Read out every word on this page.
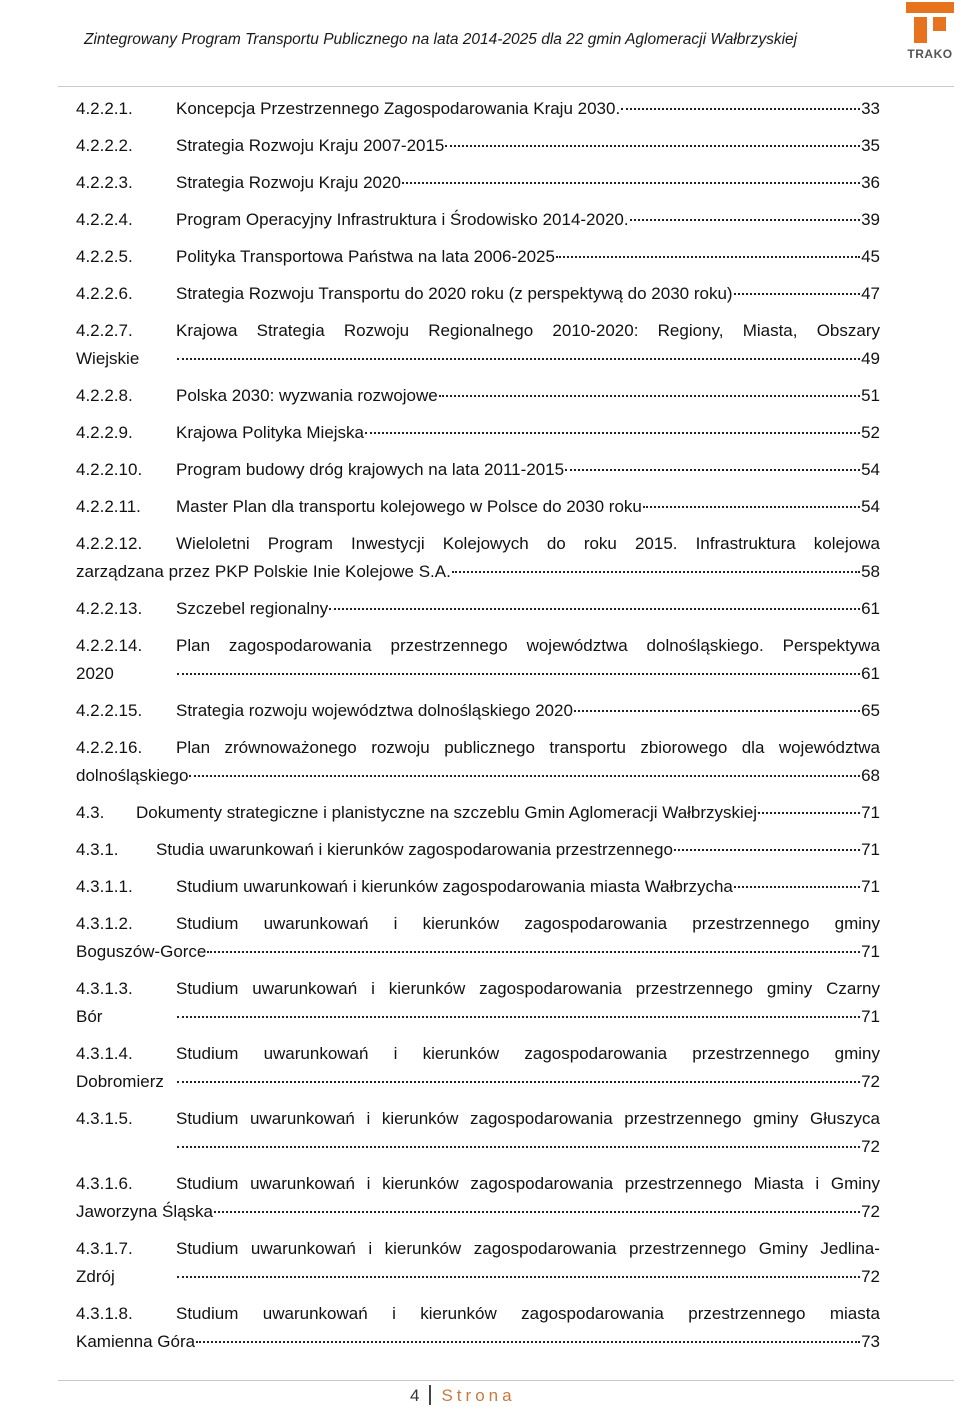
Zintegrowany Program Transportu Publicznego na lata 2014-2025 dla 22 gmin Aglomeracji Wałbrzyskiej
TRAKO
4.2.2.1.	Koncepcja Przestrzennego Zagospodarowania Kraju 2030.	33
4.2.2.2.	Strategia Rozwoju Kraju 2007-2015	35
4.2.2.3.	Strategia Rozwoju Kraju 2020	36
4.2.2.4.	Program Operacyjny Infrastruktura i Środowisko 2014-2020.	39
4.2.2.5.	Polityka Transportowa Państwa na lata 2006-2025	45
4.2.2.6.	Strategia Rozwoju Transportu do 2020 roku (z perspektywą do 2030 roku)	47
4.2.2.7.	Krajowa Strategia Rozwoju Regionalnego 2010-2020: Regiony, Miasta, Obszary
Wiejskie	49
4.2.2.8.	Polska 2030: wyzwania rozwojowe	51
4.2.2.9.	Krajowa Polityka Miejska	52
4.2.2.10.	Program budowy dróg krajowych na lata 2011-2015	54
4.2.2.11.	Master Plan dla transportu kolejowego w Polsce do 2030 roku	54
4.2.2.12.	Wieloletni Program Inwestycji Kolejowych do roku 2015. Infrastruktura kolejowa
zarządzana przez PKP Polskie Inie Kolejowe S.A.	58
4.2.2.13.	Szczebel regionalny	61
4.2.2.14.	Plan zagospodarowania przestrzennego województwa dolnośląskiego. Perspektywa
2020	61
4.2.2.15.	Strategia rozwoju województwa dolnośląskiego 2020	65
4.2.2.16.	Plan zrównoważonego rozwoju publicznego transportu zbiorowego dla województwa
dolnośląskiego	68
4.3.	Dokumenty strategiczne i planistyczne na szczeblu Gmin Aglomeracji Wałbrzyskiej	71
4.3.1.	Studia uwarunkowań i kierunków zagospodarowania przestrzennego	71
4.3.1.1.	Studium uwarunkowań i kierunków zagospodarowania miasta Wałbrzycha	71
4.3.1.2.	Studium uwarunkowań i kierunków zagospodarowania przestrzennego gminy
Boguszów-Gorce	71
4.3.1.3.	Studium uwarunkowań i kierunków zagospodarowania przestrzennego gminy Czarny
Bór	71
4.3.1.4.	Studium uwarunkowań i kierunków zagospodarowania przestrzennego gminy
Dobromierz	72
4.3.1.5.	Studium uwarunkowań i kierunków zagospodarowania przestrzennego gminy Głuszyca
72
4.3.1.6.	Studium uwarunkowań i kierunków zagospodarowania przestrzennego Miasta i Gminy
Jaworzyna Śląska	72
4.3.1.7.	Studium uwarunkowań i kierunków zagospodarowania przestrzennego Gminy Jedlina-
Zdrój	72
4.3.1.8.	Studium uwarunkowań i kierunków zagospodarowania przestrzennego miasta
Kamienna Góra	73
4 Strona
